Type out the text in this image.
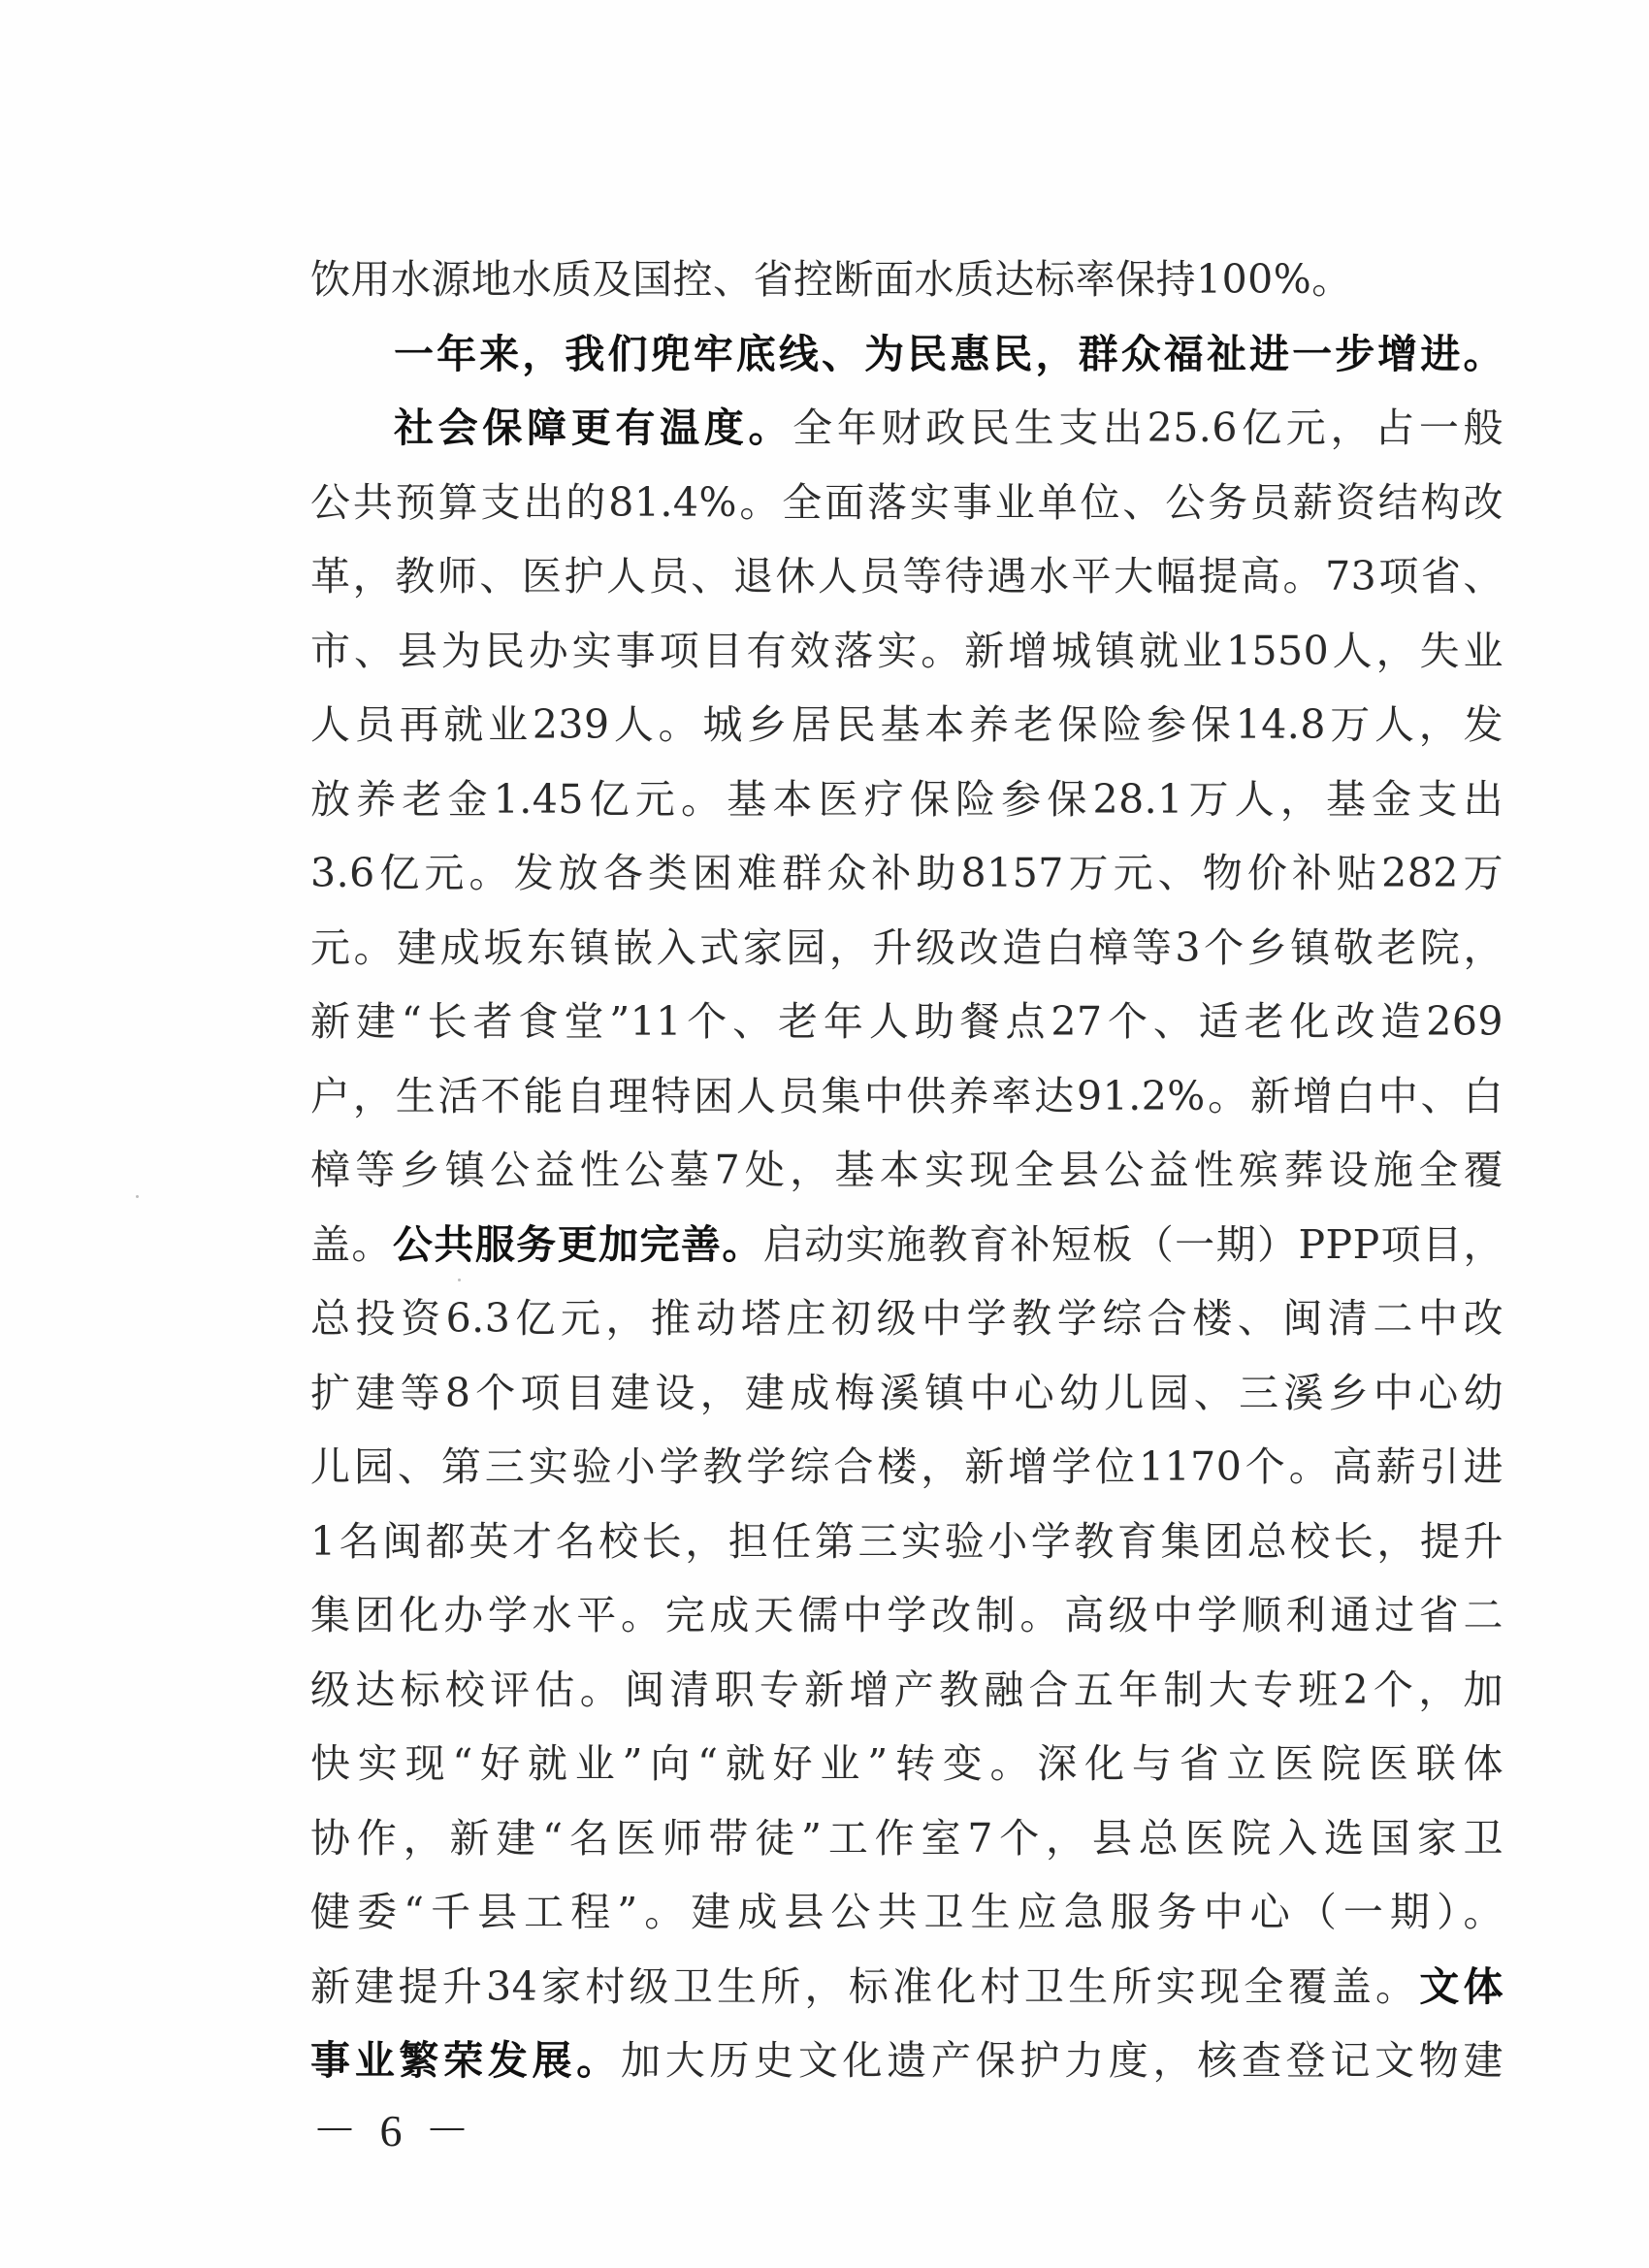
饮用水源地水质及国控、省控断面水质达标率保持100%。
一年来，我们兜牢底线、为民惠民，群众福祉进一步增进。
社会保障更有温度。全年财政民生支出25.6亿元，占一般
公共预算支出的81.4%。全面落实事业单位、公务员薪资结构改
革，教师、医护人员、退休人员等待遇水平大幅提高。73项省、
市、县为民办实事项目有效落实。新增城镇就业1550人，失业
人员再就业239人。城乡居民基本养老保险参保14.8万人，发
放养老金1.45亿元。基本医疗保险参保28.1万人，基金支出
3.6亿元。发放各类困难群众补助8157万元、物价补贴282万
元。建成坂东镇嵌入式家园，升级改造白樟等3个乡镇敬老院，
新建“长者食堂”11个、老年人助餐点27个、适老化改造269
户，生活不能自理特困人员集中供养率达91.2%。新增白中、白
樟等乡镇公益性公墓7处，基本实现全县公益性殡葬设施全覆
盖。公共服务更加完善。启动实施教育补短板（一期）PPP项目，
总投资6.3亿元，推动塔庄初级中学教学综合楼、闽清二中改
扩建等8个项目建设，建成梅溪镇中心幼儿园、三溪乡中心幼
儿园、第三实验小学教学综合楼，新增学位1170个。高薪引进
1名闽都英才名校长，担任第三实验小学教育集团总校长，提升
集团化办学水平。完成天儒中学改制。高级中学顺利通过省二
级达标校评估。闽清职专新增产教融合五年制大专班2个，加
快实现“好就业”向“就好业”转变。深化与省立医院医联体
协作，新建“名医师带徒”工作室7个，县总医院入选国家卫
健委“千县工程”。建成县公共卫生应急服务中心（一期）。
新建提升34家村级卫生所，标准化村卫生所实现全覆盖。文体
事业繁荣发展。加大历史文化遗产保护力度，核查登记文物建
－ 6 －
